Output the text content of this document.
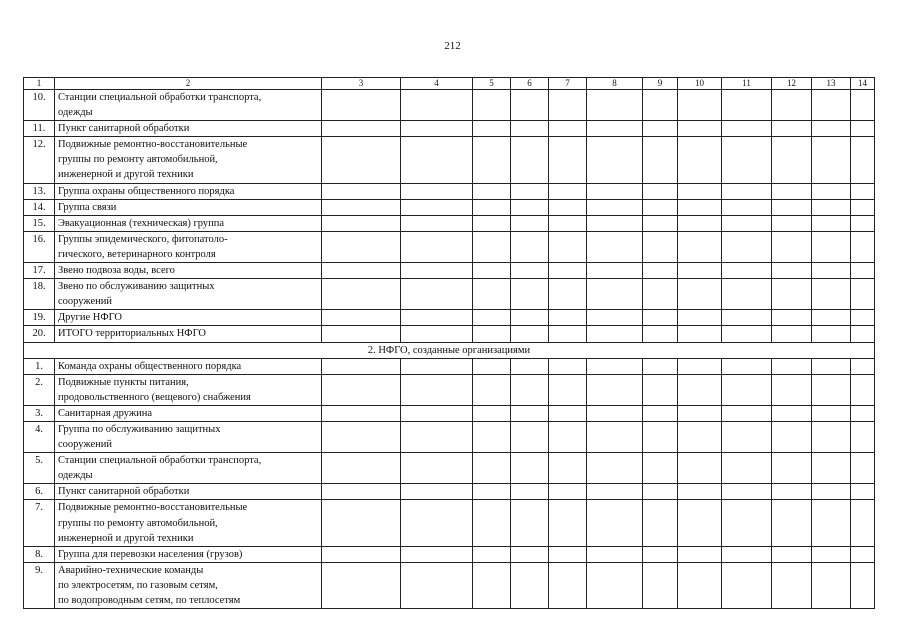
212
1	2	3	4	5	6	7	8	9	10	11	12	13	14
10.	Станции специальной обработки транспорта,
одежды												

11.	Пункт санитарной обработки												

12.	Подвижные ремонтно-восстановительные
группы по ремонту автомобильной,
инженерной и другой техники												

13.	Группа охраны общественного порядка												

14.	Группа связи												

15.	Эвакуационная (техническая) группа												

16.	Группы эпидемического, фитопатоло-
гического, ветеринарного контроля												

17.	Звено подвоза воды, всего												

18.	Звено по обслуживанию защитных
сооружений												

19.	Другие НФГО												

20.	ИТОГО территориальных НФГО												

2. НФГО, созданные организациями													
1.	Команда охраны общественного порядка												

2.	Подвижные пункты питания,
продовольственного (вещевого) снабжения												

3.	Санитарная дружина												

4.	Группа по обслуживанию защитных
сооружений												

5.	Станции специальной обработки транспорта,
одежды												

6.	Пункт санитарной обработки												

7.	Подвижные ремонтно-восстановительные
группы по ремонту автомобильной,
инженерной и другой техники												

8.	Группа для перевозки населения (грузов)												

9.	Аварийно-технические команды
по электросетям, по газовым сетям,
по водопроводным сетям, по теплосетям												
